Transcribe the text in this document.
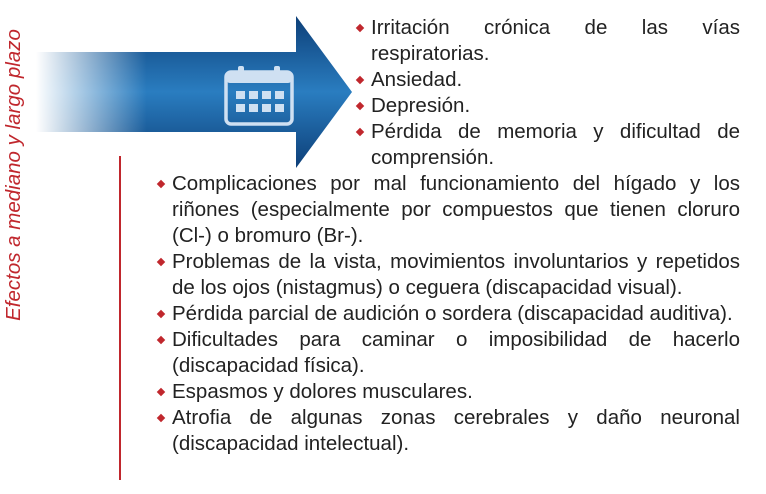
Efectos a mediano y largo plazo
Irritación crónica de las vías respiratorias.
Ansiedad.
Depresión.
Pérdida de memoria y dificultad de comprensión.
Complicaciones por mal funcionamiento del hígado y los riñones (especialmente por compuestos que tienen cloruro (Cl-) o bromuro (Br-).
Problemas de la vista, movimientos involuntarios y repetidos de los ojos (nistagmus) o ceguera (discapacidad visual).
Pérdida parcial de audición o sordera (discapacidad auditiva).
Dificultades para caminar o imposibilidad de hacerlo (discapacidad física).
Espasmos y dolores musculares.
Atrofia de algunas zonas cerebrales y daño neuronal (discapacidad intelectual).
